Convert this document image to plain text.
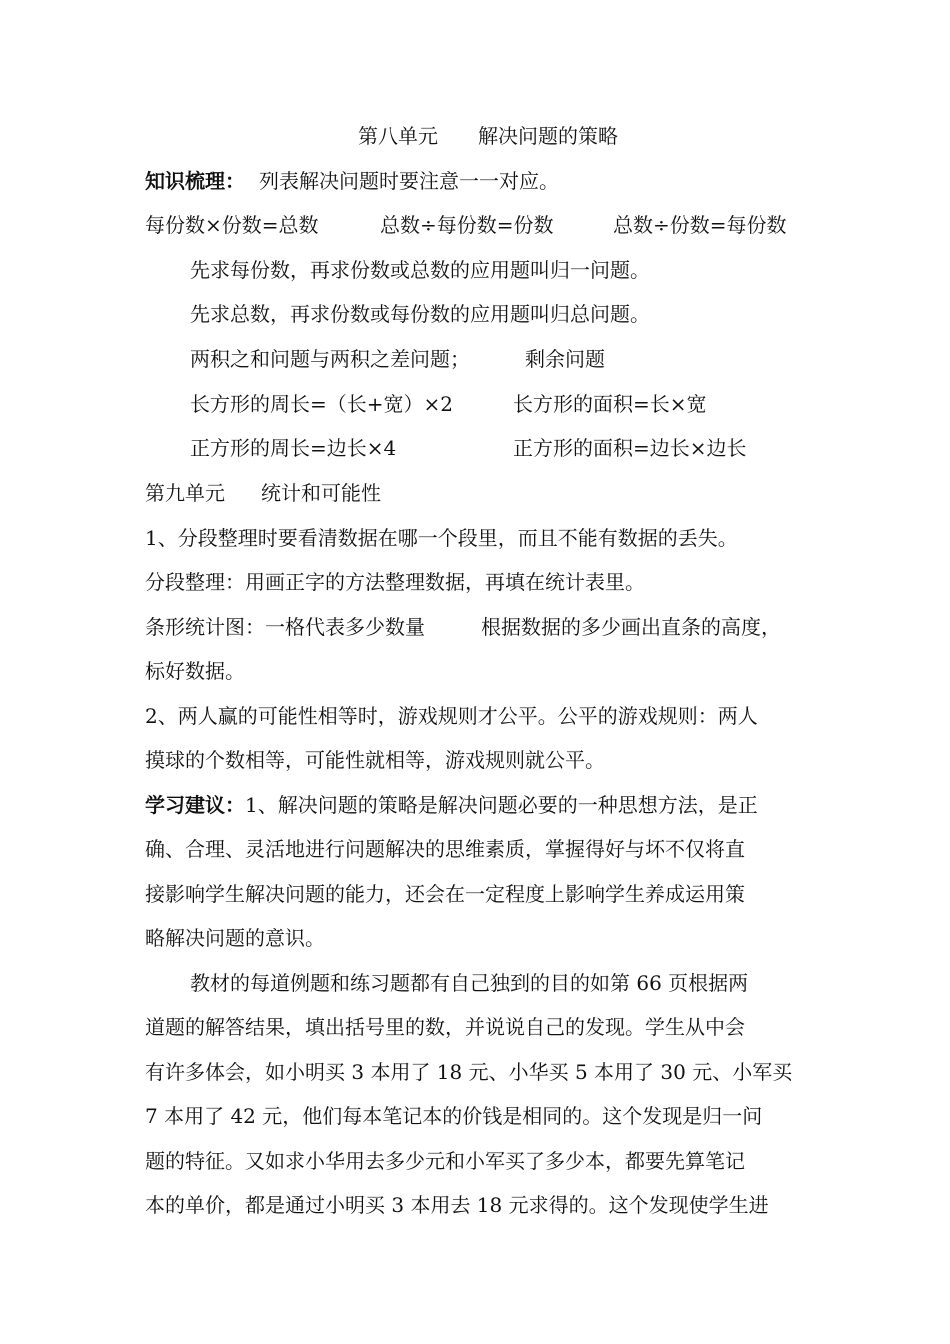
第八单元 解决问题的策略
知识梳理： 列表解决问题时要注意一一对应。
每份数×份数=总数	总数÷每份数=份数	总数÷份数=每份数
先求每份数，再求份数或总数的应用题叫归一问题。
先求总数，再求份数或每份数的应用题叫归总问题。
两积之和问题与两积之差问题；	剩余问题
长方形的周长=（长+宽）×2	长方形的面积=长×宽
正方形的周长=边长×4	正方形的面积=边长×边长
第九单元 统计和可能性
1、分段整理时要看清数据在哪一个段里，而且不能有数据的丢失。
分段整理：用画正字的方法整理数据，再填在统计表里。
条形统计图：一格代表多少数量	根据数据的多少画出直条的高度，
标好数据。
2、两人赢的可能性相等时，游戏规则才公平。公平的游戏规则：两人
摸球的个数相等，可能性就相等，游戏规则就公平。
学习建议：1、解决问题的策略是解决问题必要的一种思想方法，是正
确、合理、灵活地进行问题解决的思维素质，掌握得好与坏不仅将直
接影响学生解决问题的能力，还会在一定程度上影响学生养成运用策
略解决问题的意识。
教材的每道例题和练习题都有自己独到的目的如第 66 页根据两
道题的解答结果，填出括号里的数，并说说自己的发现。学生从中会
有许多体会，如小明买 3 本用了 18 元、小华买 5 本用了 30 元、小军买
7 本用了 42 元，他们每本笔记本的价钱是相同的。这个发现是归一问
题的特征。又如求小华用去多少元和小军买了多少本，都要先算笔记
本的单价，都是通过小明买 3 本用去 18 元求得的。这个发现使学生进
